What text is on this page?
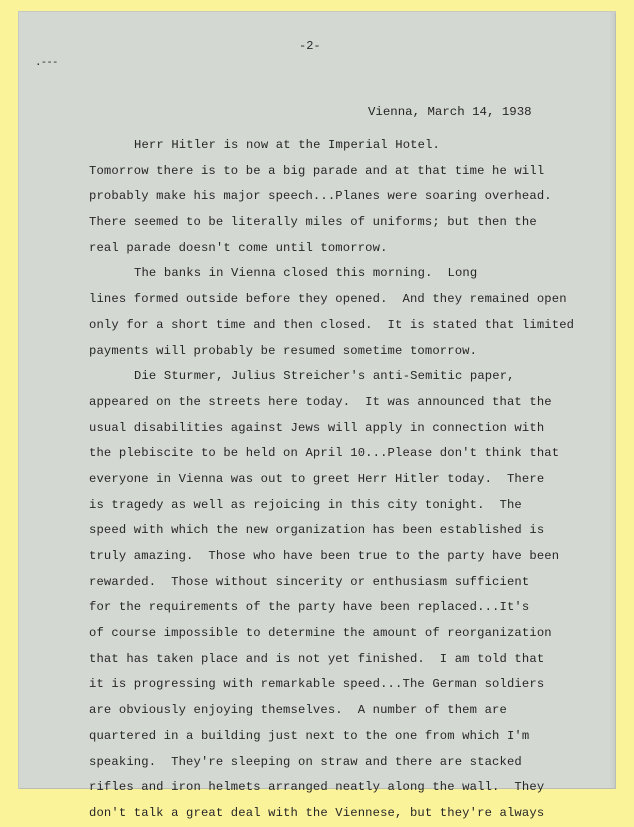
.---
-2-
Vienna, March 14, 1938
Herr Hitler is now at the Imperial Hotel.
Tomorrow there is to be a big parade and at that time he will
probably make his major speech...Planes were soaring overhead.
There seemed to be literally miles of uniforms; but then the
real parade doesn't come until tomorrow.
The banks in Vienna closed this morning.  Long
lines formed outside before they opened.  And they remained open
only for a short time and then closed.  It is stated that limited
payments will probably be resumed sometime tomorrow.
Die Sturmer, Julius Streicher's anti-Semitic paper,
appeared on the streets here today.  It was announced that the
usual disabilities against Jews will apply in connection with
the plebiscite to be held on April 10...Please don't think that
everyone in Vienna was out to greet Herr Hitler today.  There
is tragedy as well as rejoicing in this city tonight.  The
speed with which the new organization has been established is
truly amazing.  Those who have been true to the party have been
rewarded.  Those without sincerity or enthusiasm sufficient
for the requirements of the party have been replaced...It's
of course impossible to determine the amount of reorganization
that has taken place and is not yet finished.  I am told that
it is progressing with remarkable speed...The German soldiers
are obviously enjoying themselves.  A number of them are
quartered in a building just next to the one from which I'm
speaking.  They're sleeping on straw and there are stacked
rifles and iron helmets arranged neatly along the wall.  They
don't talk a great deal with the Viennese, but they're always
